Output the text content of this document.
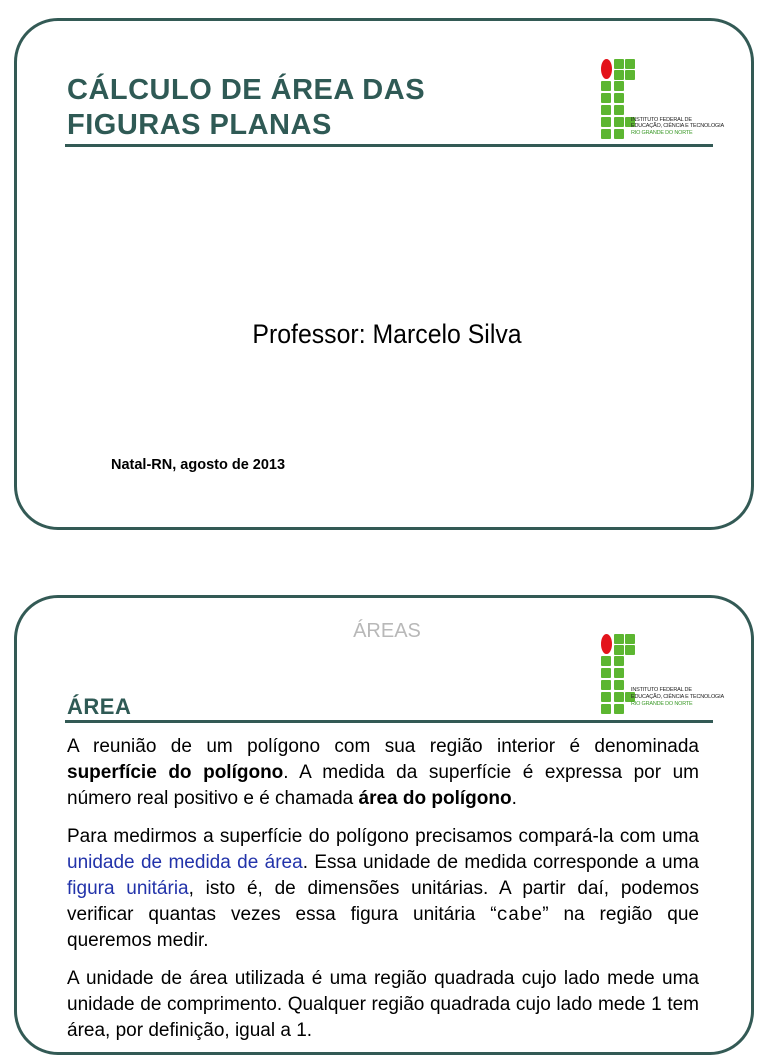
CÁLCULO DE ÁREA DAS
FIGURAS PLANAS	INSTITUTO FEDERAL DE
EDUCAÇÃO, CIÊNCIA E TECNOLOGIA
RIO GRANDE DO NORTE
Professor: Marcelo Silva
Natal-RN, agosto de 2013
ÁREAS
INSTITUTO FEDERAL DE
EDUCAÇÃO, CIÊNCIA E TECNOLOGIA
RIO GRANDE DO NORTE
ÁREA

A reunião de um polígono com sua região interior é denominada superfície do polígono. A medida da superfície é expressa por um número real positivo e é chamada área do polígono.

Para medirmos a superfície do polígono precisamos compará-la com uma unidade de medida de área. Essa unidade de medida corresponde a uma figura unitária, isto é, de dimensões unitárias. A partir daí, podemos verificar quantas vezes essa figura unitária “cabe” na região que queremos medir.

A unidade de área utilizada é uma região quadrada cujo lado mede uma unidade de comprimento. Qualquer região quadrada cujo lado mede 1 tem área, por definição, igual a 1.
